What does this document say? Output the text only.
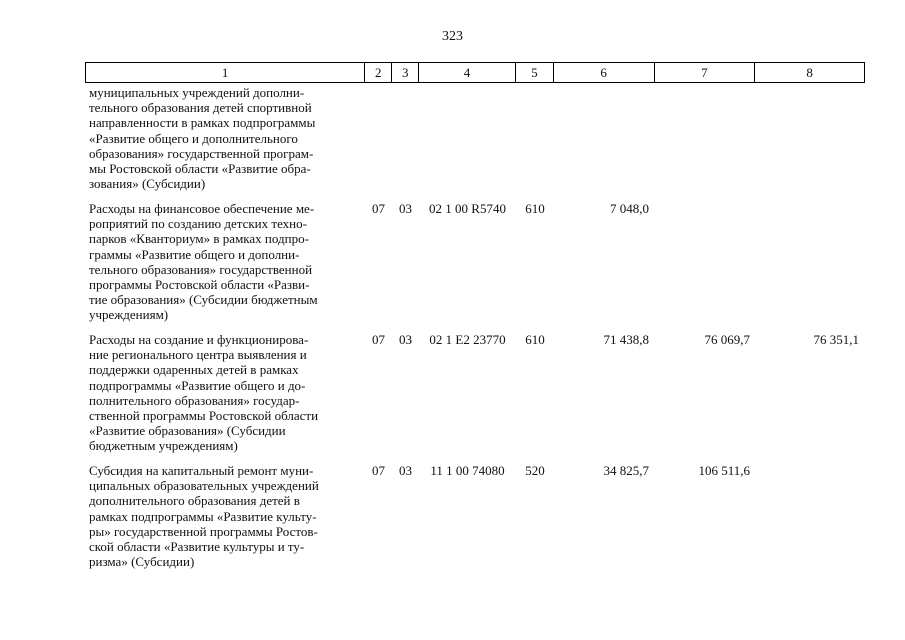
323
1	2	3	4	5	6	7	8
муниципальных учреждений дополни-
тельного образования детей спортивной
направленности в рамках подпрограммы
«Развитие общего и дополнительного
образования» государственной програм-
мы Ростовской области «Развитие обра-
зования» (Субсидии)
Расходы на финансовое обеспечение ме-
роприятий по созданию детских техно-
парков «Кванториум» в рамках подпро-
граммы «Развитие общего и дополни-
тельного образования» государственной
программы Ростовской области «Разви-
тие образования» (Субсидии бюджетным
учреждениям)
07	03	02 1 00 R5740	610	7 048,0
Расходы на создание и функционирова-
ние регионального центра выявления и
поддержки одаренных детей в рамках
подпрограммы «Развитие общего и до-
полнительного образования» государ-
ственной программы Ростовской области
«Развитие образования» (Субсидии
бюджетным учреждениям)
07	03	02 1 E2 23770	610	71 438,8	76 069,7	76 351,1
Субсидия на капитальный ремонт муни-
ципальных образовательных учреждений
дополнительного образования детей в
рамках подпрограммы «Развитие культу-
ры» государственной программы Ростов-
ской области «Развитие культуры и ту-
ризма» (Субсидии)
07	03	11 1 00 74080	520	34 825,7	106 511,6
